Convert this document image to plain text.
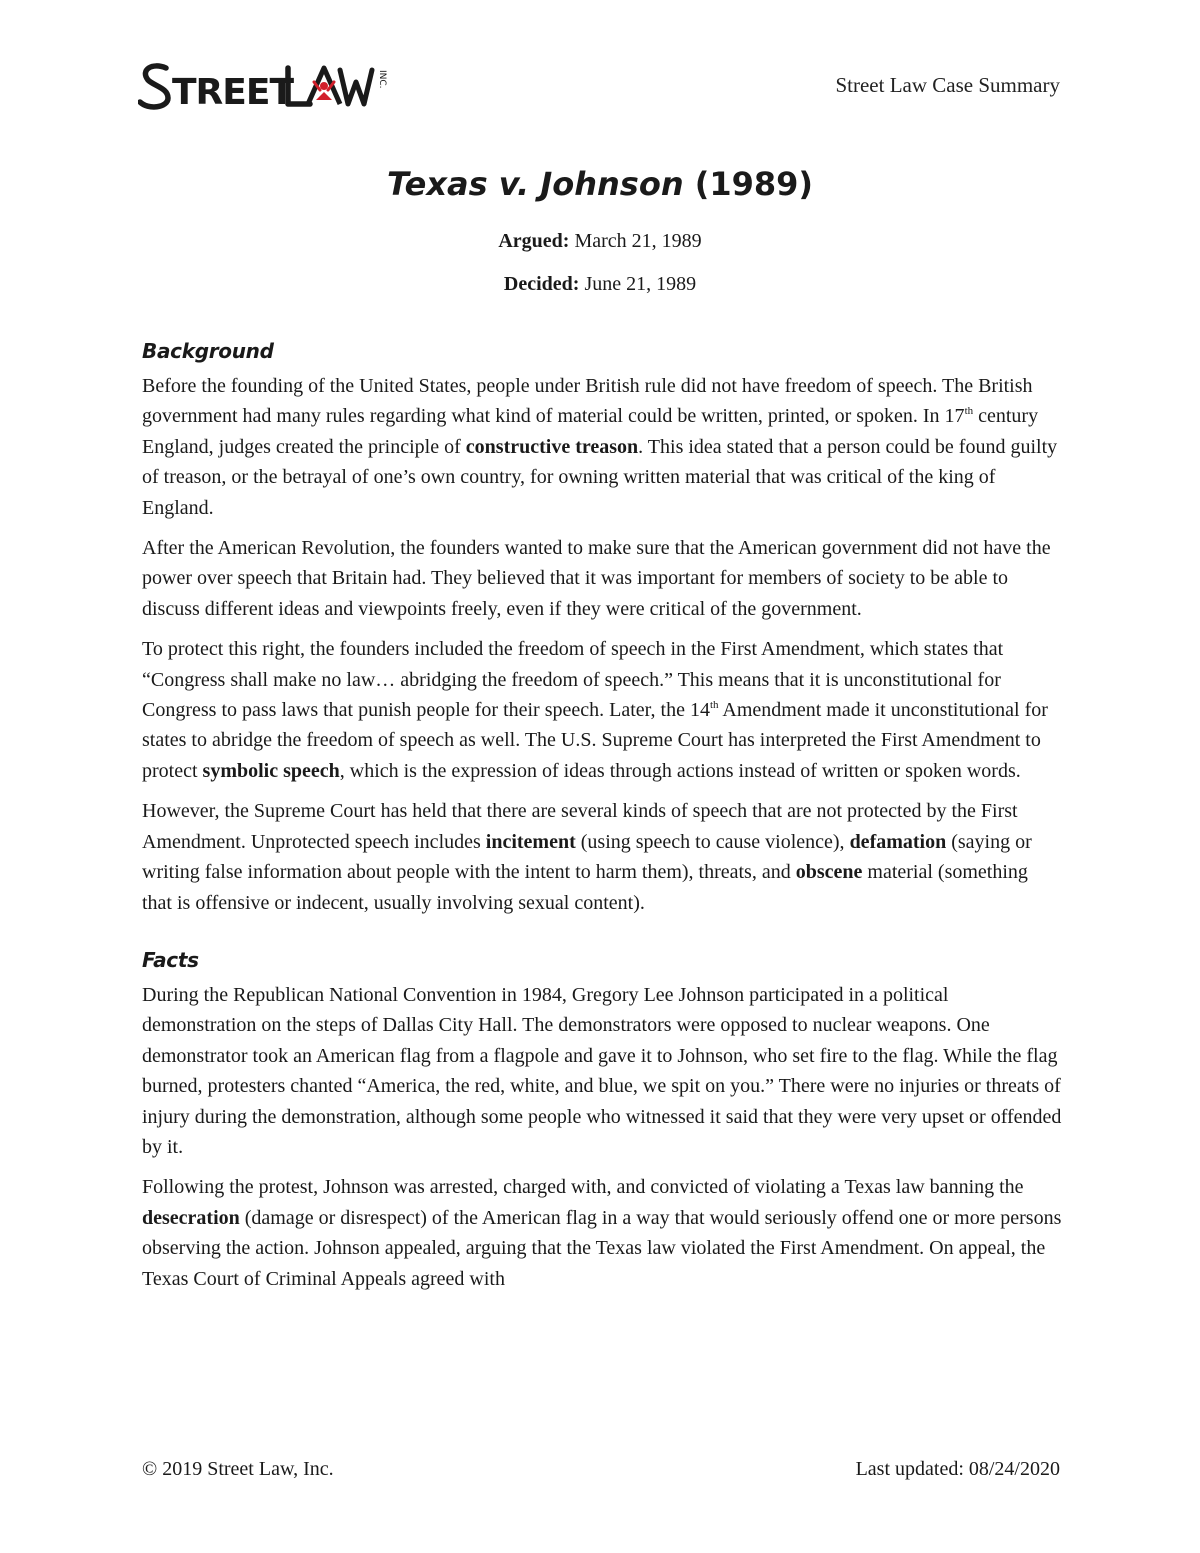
TREET	INC.	Street Law Case Summary
Texas v. Johnson (1989)
Argued: March 21, 1989
Decided: June 21, 1989
Background

Before the founding of the United States, people under British rule did not have freedom of speech. The British government had many rules regarding what kind of material could be written, printed, or spoken. In 17th century England, judges created the principle of constructive treason. This idea stated that a person could be found guilty of treason, or the betrayal of one’s own country, for owning written material that was critical of the king of England.

After the American Revolution, the founders wanted to make sure that the American government did not have the power over speech that Britain had. They believed that it was important for members of society to be able to discuss different ideas and viewpoints freely, even if they were critical of the government.

To protect this right, the founders included the freedom of speech in the First Amendment, which states that “Congress shall make no law… abridging the freedom of speech.” This means that it is unconstitutional for Congress to pass laws that punish people for their speech. Later, the 14th Amendment made it unconstitutional for states to abridge the freedom of speech as well. The U.S. Supreme Court has interpreted the First Amendment to protect symbolic speech, which is the expression of ideas through actions instead of written or spoken words.

However, the Supreme Court has held that there are several kinds of speech that are not protected by the First Amendment. Unprotected speech includes incitement (using speech to cause violence), defamation (saying or writing false information about people with the intent to harm them), threats, and obscene material (something that is offensive or indecent, usually involving sexual content).

Facts

During the Republican National Convention in 1984, Gregory Lee Johnson participated in a political demonstration on the steps of Dallas City Hall. The demonstrators were opposed to nuclear weapons. One demonstrator took an American flag from a flagpole and gave it to Johnson, who set fire to the flag. While the flag burned, protesters chanted “America, the red, white, and blue, we spit on you.” There were no injuries or threats of injury during the demonstration, although some people who witnessed it said that they were very upset or offended by it.

Following the protest, Johnson was arrested, charged with, and convicted of violating a Texas law banning the desecration (damage or disrespect) of the American flag in a way that would seriously offend one or more persons observing the action. Johnson appealed, arguing that the Texas law violated the First Amendment. On appeal, the Texas Court of Criminal Appeals agreed with

© 2019 Street Law, Inc.	Last updated: 08/24/2020
